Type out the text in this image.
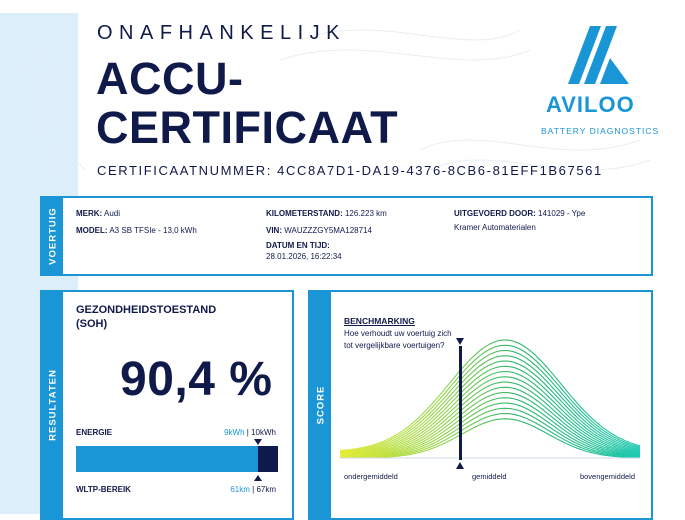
ONAFHANKELIJK
ACCU-
CERTIFICAAT
CERTIFICAATNUMMER: 4CC8A7D1-DA19-4376-8CB6-81EFF1B67561
AVILOO
BATTERY DIAGNOSTICS
VOERTUIG MERK: Audi
MODEL: A3 SB TFSIe - 13,0 kWh
KILOMETERSTAND: 126.223 km
VIN: WAUZZZGY5MA128714
DATUM EN TIJD:
28.01.2026, 16:22:34
UITGEVOERD DOOR: 141029 - Ype
Kramer Automaterialen
RESULTATEN
GEZONDHEIDSTOESTAND
(SOH)
90,4 %
ENERGIE	9kWh | 10kWh
WLTP-BEREIK	61km | 67km
SCORE
BENCHMARKING
Hoe verhoudt uw voertuig zich tot vergelijkbare voertuigen?
ondergemiddeld	gemiddeld	bovengemiddeld
